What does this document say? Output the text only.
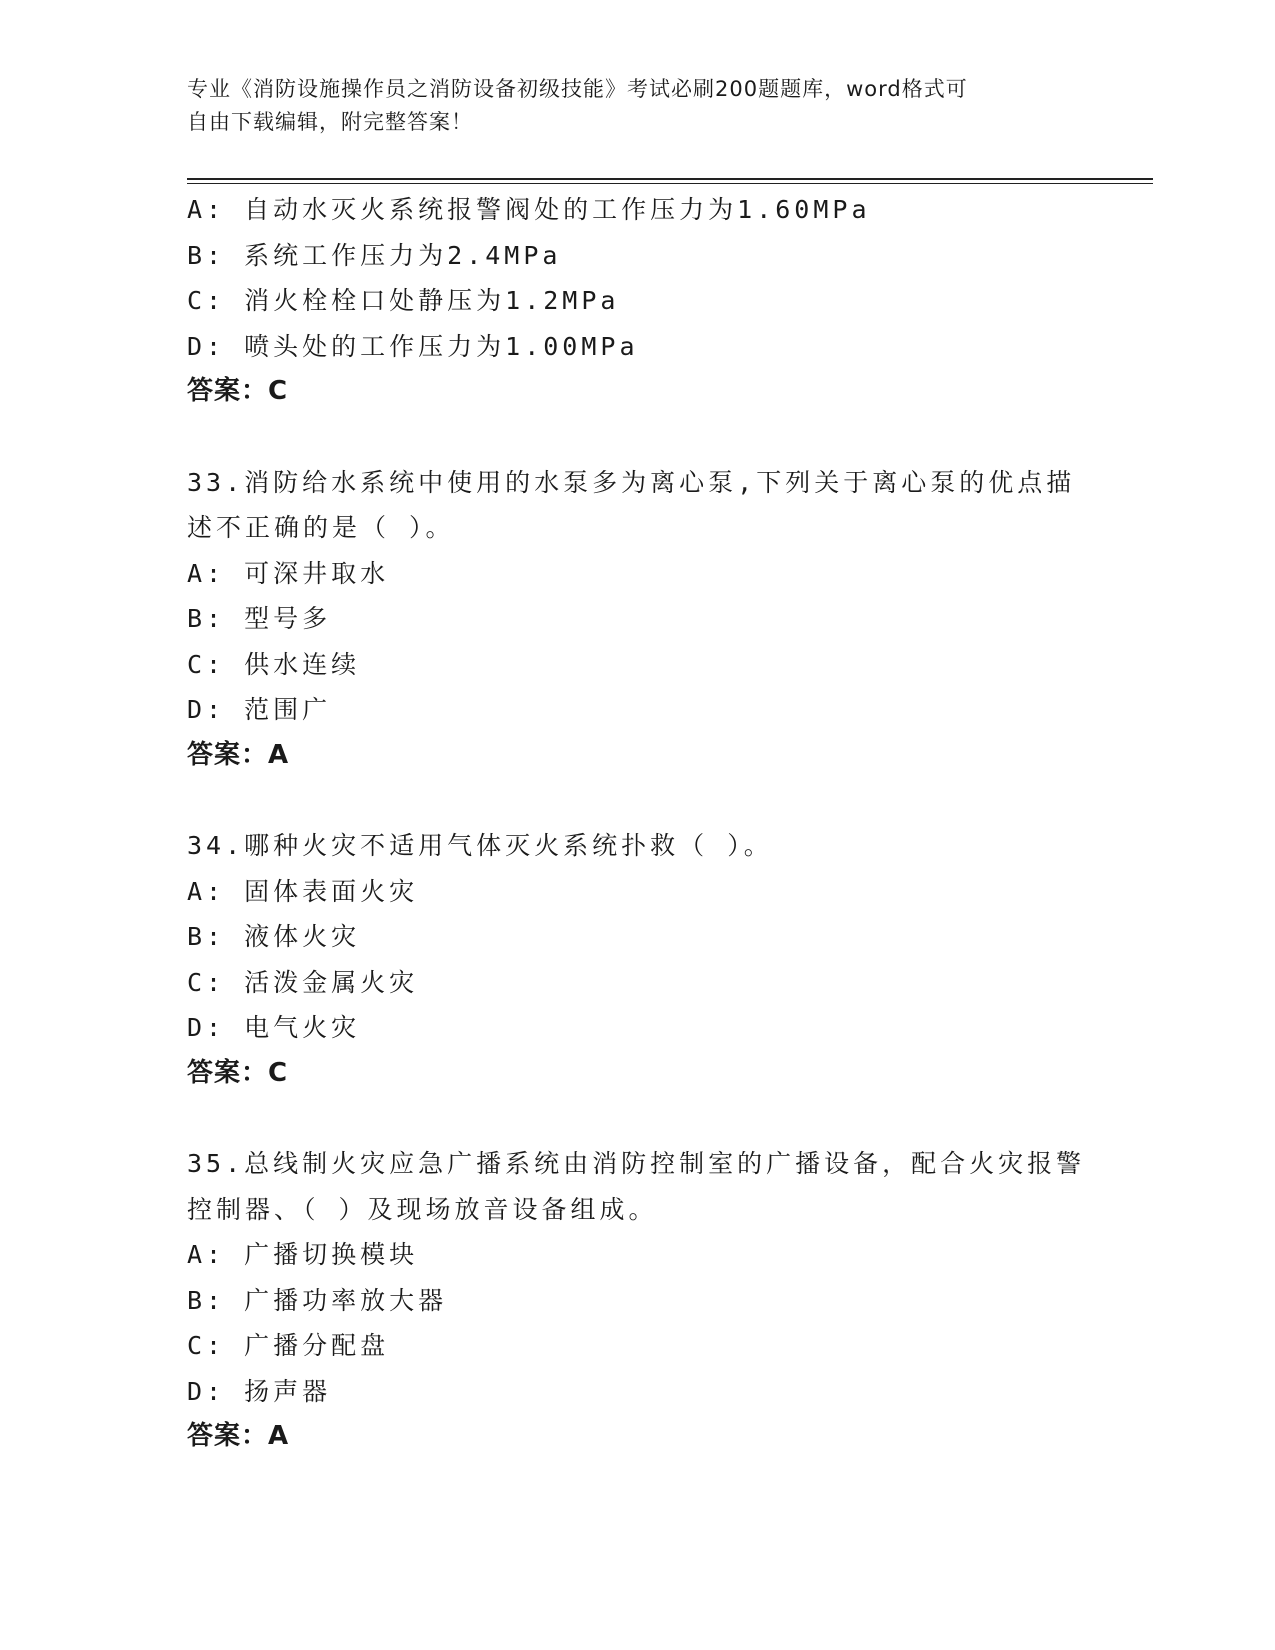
专业《消防设施操作员之消防设备初级技能》考试必刷200题题库，word格式可
自由下载编辑，附完整答案！
A: 自动水灭火系统报警阀处的工作压力为1.60MPa
B: 系统工作压力为2.4MPa
C: 消火栓栓口处静压为1.2MPa
D: 喷头处的工作压力为1.00MPa
答案：C
33.消防给水系统中使用的水泵多为离心泵,下列关于离心泵的优点描
述不正确的是（ ）。
A: 可深井取水
B: 型号多
C: 供水连续
D: 范围广
答案：A
34.哪种火灾不适用气体灭火系统扑救（ ）。
A: 固体表面火灾
B: 液体火灾
C: 活泼金属火灾
D: 电气火灾
答案：C
35.总线制火灾应急广播系统由消防控制室的广播设备，配合火灾报警
控制器、（ ）及现场放音设备组成。
A: 广播切换模块
B: 广播功率放大器
C: 广播分配盘
D: 扬声器
答案：A
